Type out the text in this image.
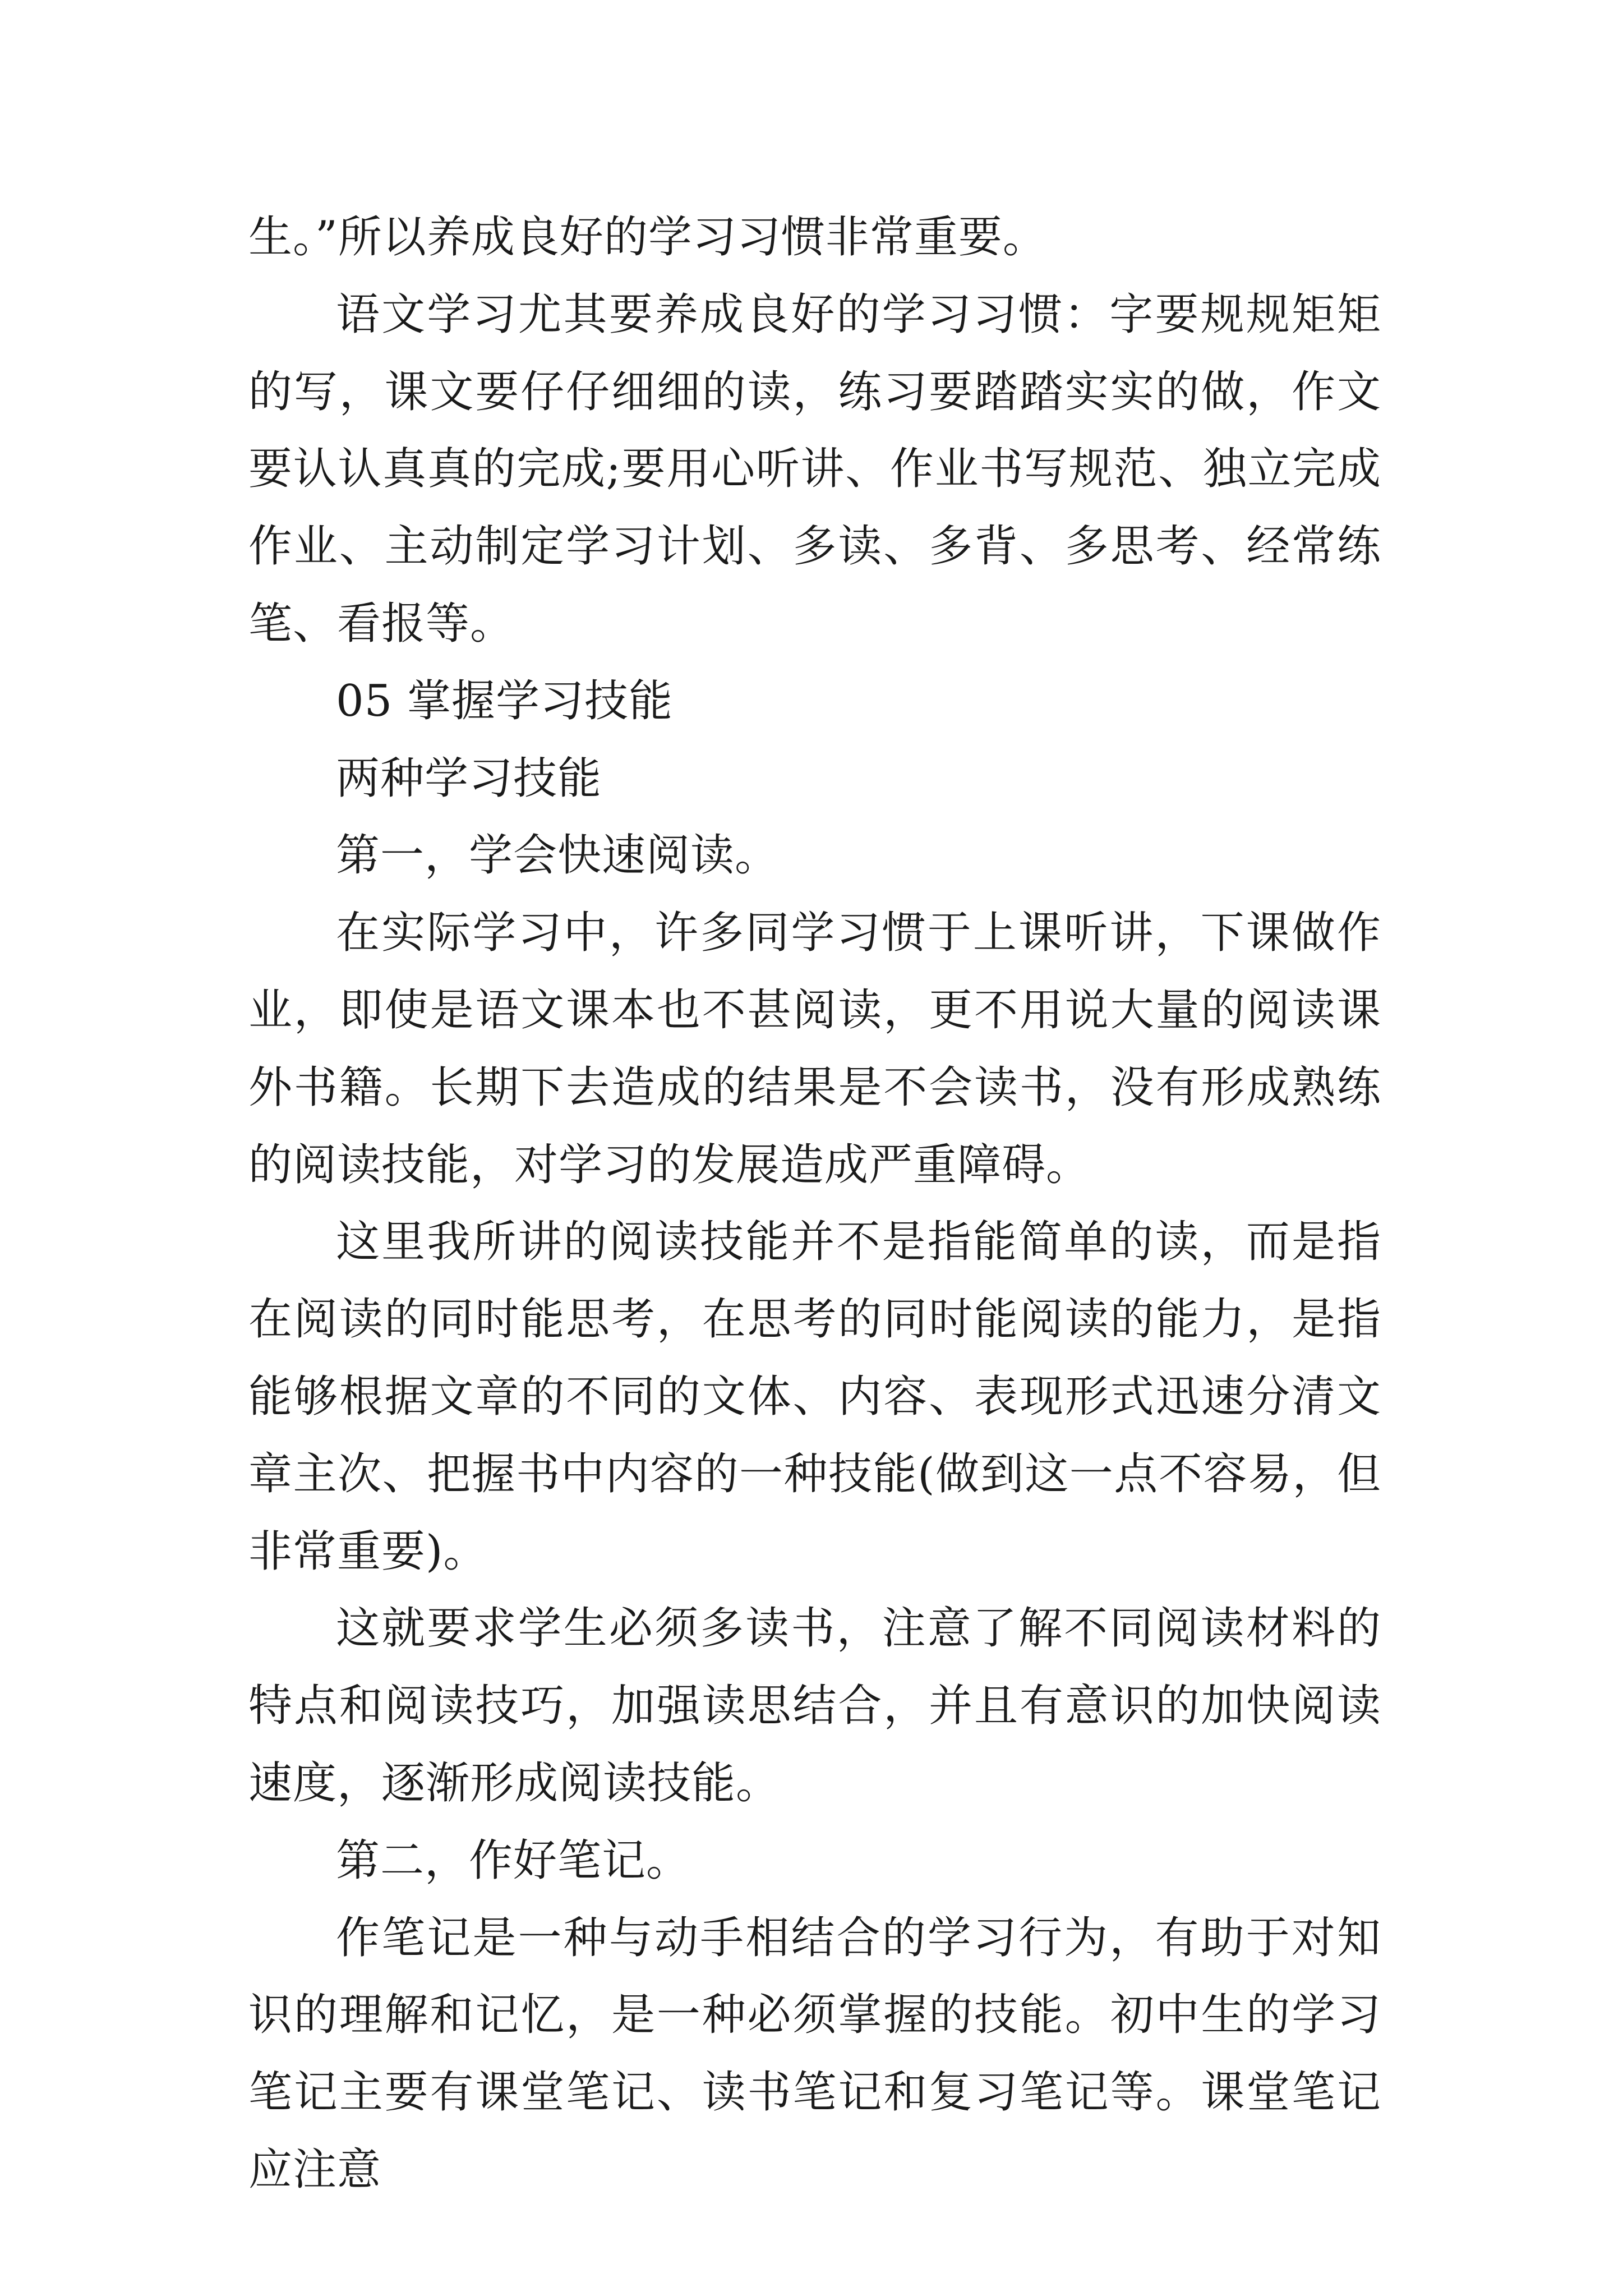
生。”所以养成良好的学习习惯非常重要。

语文学习尤其要养成良好的学习习惯：字要规规矩矩的写，课文要仔仔细细的读，练习要踏踏实实的做，作文要认认真真的完成;要用心听讲、作业书写规范、独立完成作业、主动制定学习计划、多读、多背、多思考、经常练笔、看报等。

05 掌握学习技能

两种学习技能

第一，学会快速阅读。

在实际学习中，许多同学习惯于上课听讲，下课做作业，即使是语文课本也不甚阅读，更不用说大量的阅读课外书籍。长期下去造成的结果是不会读书，没有形成熟练的阅读技能，对学习的发展造成严重障碍。

这里我所讲的阅读技能并不是指能简单的读，而是指在阅读的同时能思考，在思考的同时能阅读的能力，是指能够根据文章的不同的文体、内容、表现形式迅速分清文章主次、把握书中内容的一种技能(做到这一点不容易，但非常重要)。

这就要求学生必须多读书，注意了解不同阅读材料的特点和阅读技巧，加强读思结合，并且有意识的加快阅读速度，逐渐形成阅读技能。

第二，作好笔记。

作笔记是一种与动手相结合的学习行为，有助于对知识的理解和记忆，是一种必须掌握的技能。初中生的学习笔记主要有课堂笔记、读书笔记和复习笔记等。课堂笔记应注意
